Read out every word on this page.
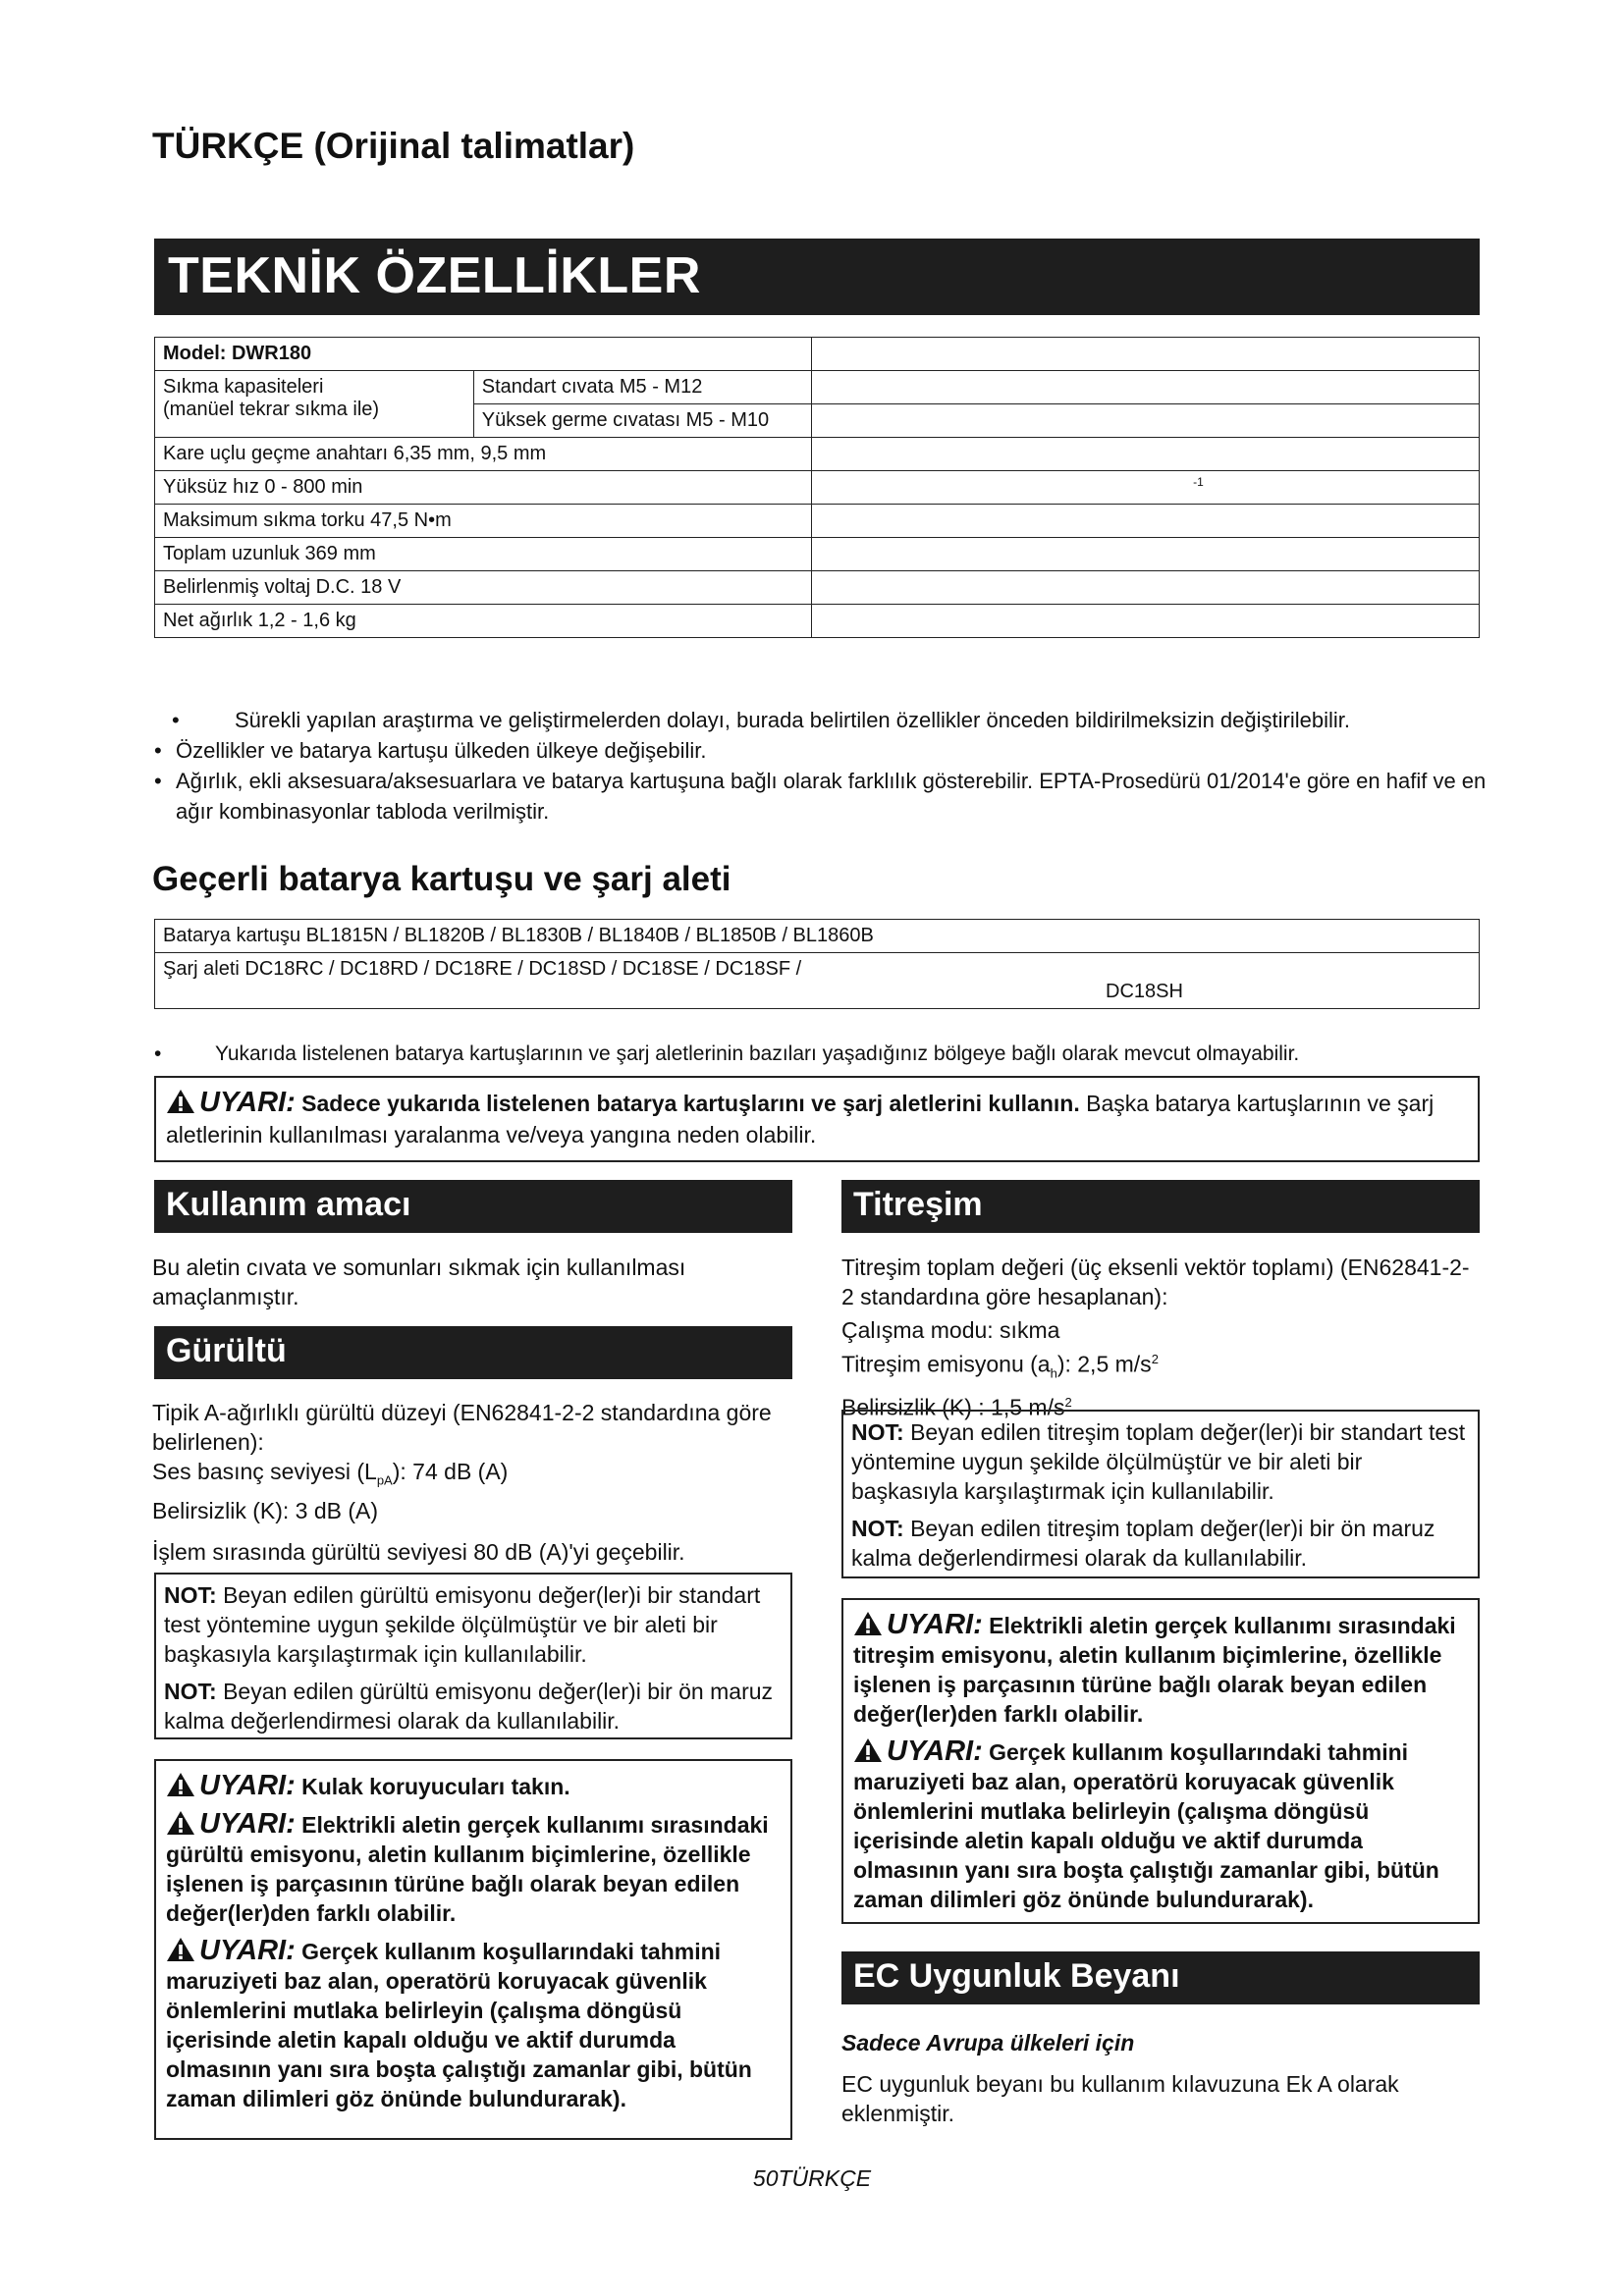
TÜRKÇE (Orijinal talimatlar)
TEKNİK ÖZELLİKLER
Model: DWR180		

Sıkma kapasiteleri
(manüel tekrar sıkma ile)	Standart cıvata M5 - M12	
	Yüksek germe cıvatası M5 - M10	
Kare uçlu geçme anahtarı 6,35 mm, 9,5 mm		
Yüksüz hız 0 - 800 min		-1

Maksimum sıkma torku 47,5 N•m		
Toplam uzunluk 369 mm		
Belirlenmiş voltaj D.C. 18 V		
Net ağırlık 1,2 - 1,6 kg		
•	Sürekli yapılan araştırma ve geliştirmelerden dolayı, burada belirtilen özellikler önceden bildirilmeksizin değiştirilebilir.
• Özellikler ve batarya kartuşu ülkeden ülkeye değişebilir.
• Ağırlık, ekli aksesuara/aksesuarlara ve batarya kartuşuna bağlı olarak farklılık gösterebilir. EPTA-Prosedürü 01/2014'e göre en hafif ve en ağır kombinasyonlar tabloda verilmiştir.
Geçerli batarya kartuşu ve şarj aleti
Batarya kartuşu BL1815N / BL1820B / BL1830B / BL1840B / BL1850B / BL1860B

Şarj aleti DC18RC / DC18RD / DC18RE / DC18SD / DC18SE / DC18SF /
DC18SH
•	Yukarıda listelenen batarya kartuşlarının ve şarj aletlerinin bazıları yaşadığınız bölgeye bağlı olarak mevcut olmayabilir.
UYARI: Sadece yukarıda listelenen batarya kartuşlarını ve şarj aletlerini kullanın. Başka batarya kartuşlarının ve şarj aletlerinin kullanılması yaralanma ve/veya yangına neden olabilir.
Kullanım amacı
Bu aletin cıvata ve somunları sıkmak için kullanılması amaçlanmıştır.
Gürültü
Tipik A-ağırlıklı gürültü düzeyi (EN62841-2-2 standardına göre belirlenen):
Ses basınç seviyesi $(L_{pA})$: 74 dB (A)
Belirsizlik (K): 3 dB (A)
İşlem sırasında gürültü seviyesi 80 dB (A)'yi geçebilir.

NOT: Beyan edilen gürültü emisyonu değer(ler)i bir standart test yöntemine uygun şekilde ölçülmüştür ve bir aleti bir başkasıyla karşılaştırmak için kullanılabilir.

NOT: Beyan edilen gürültü emisyonu değer(ler)i bir ön maruz kalma değerlendirmesi olarak da kullanılabilir.

UYARI: Kulak koruyucuları takın.

UYARI: Elektrikli aletin gerçek kullanımı sırasındaki gürültü emisyonu, aletin kullanım biçimlerine, özellikle işlenen iş parçasının türüne bağlı olarak beyan edilen değer(ler)den farklı olabilir.

UYARI: Gerçek kullanım koşullarındaki tahmini maruziyeti baz alan, operatörü koruyacak güvenlik önlemlerini mutlaka belirleyin (çalışma döngüsü içerisinde aletin kapalı olduğu ve aktif durumda olmasının yanı sıra boşta çalıştığı zamanlar gibi, bütün zaman dilimleri göz önünde bulundurarak).

Titreşim
Titreşim toplam değeri (üç eksenli vektör toplamı) (EN62841-2-2 standardına göre hesaplanan):
Çalışma modu: sıkma
Titreşim emisyonu $(a_h)$: 2,5 $m/s^2$
Belirsizlik (K) : 1,5 $m/s^2$

NOT: Beyan edilen titreşim toplam değer(ler)i bir standart test yöntemine uygun şekilde ölçülmüştür ve bir aleti bir başkasıyla karşılaştırmak için kullanılabilir.

NOT: Beyan edilen titreşim toplam değer(ler)i bir ön maruz kalma değerlendirmesi olarak da kullanılabilir.

UYARI: Elektrikli aletin gerçek kullanımı sırasındaki titreşim emisyonu, aletin kullanım biçimlerine, özellikle işlenen iş parçasının türüne bağlı olarak beyan edilen değer(ler)den farklı olabilir.

UYARI: Gerçek kullanım koşullarındaki tahmini maruziyeti baz alan, operatörü koruyacak güvenlik önlemlerini mutlaka belirleyin (çalışma döngüsü içerisinde aletin kapalı olduğu ve aktif durumda olmasının yanı sıra boşta çalıştığı zamanlar gibi, bütün zaman dilimleri göz önünde bulundurarak).

EC Uygunluk Beyanı
Sadece Avrupa ülkeleri için
EC uygunluk beyanı bu kullanım kılavuzuna Ek A olarak eklenmiştir.
50TÜRKÇE
